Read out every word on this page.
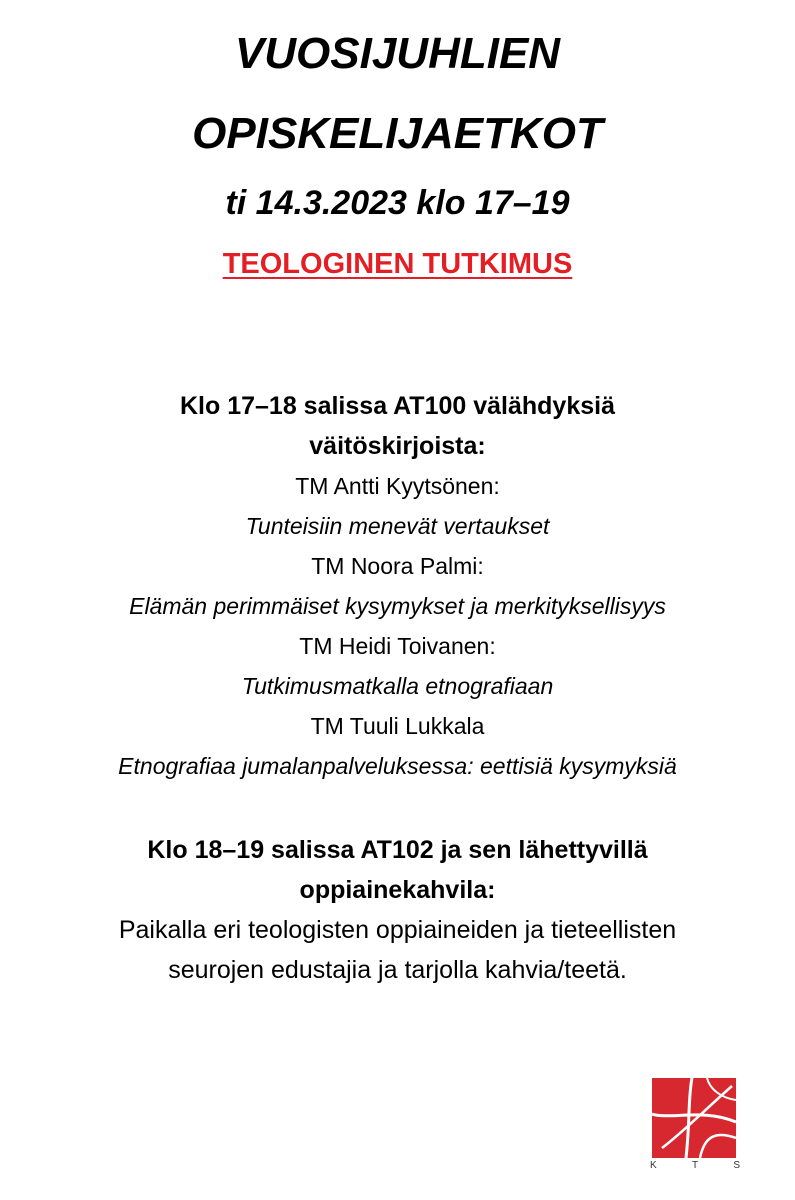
VUOSIJUHLIEN
OPISKELIJAETKOT
ti 14.3.2023 klo 17–19
TEOLOGINEN TUTKIMUS
Klo 17–18 salissa AT100 välähdyksiä
väitöskirjoista:
TM Antti Kyytsönen:
Tunteisiin menevät vertaukset
TM Noora Palmi:
Elämän perimmäiset kysymykset ja merkityksellisyys
TM Heidi Toivanen:
Tutkimusmatkalla etnografiaan
TM Tuuli Lukkala
Etnografiaa jumalanpalveluksessa: eettisiä kysymyksiä
Klo 18–19 salissa AT102 ja sen lähettyvillä
oppiainekahvila:
Paikalla eri teologisten oppiaineiden ja tieteellisten
seurojen edustajia ja tarjolla kahvia/teetä.
K	T	S
